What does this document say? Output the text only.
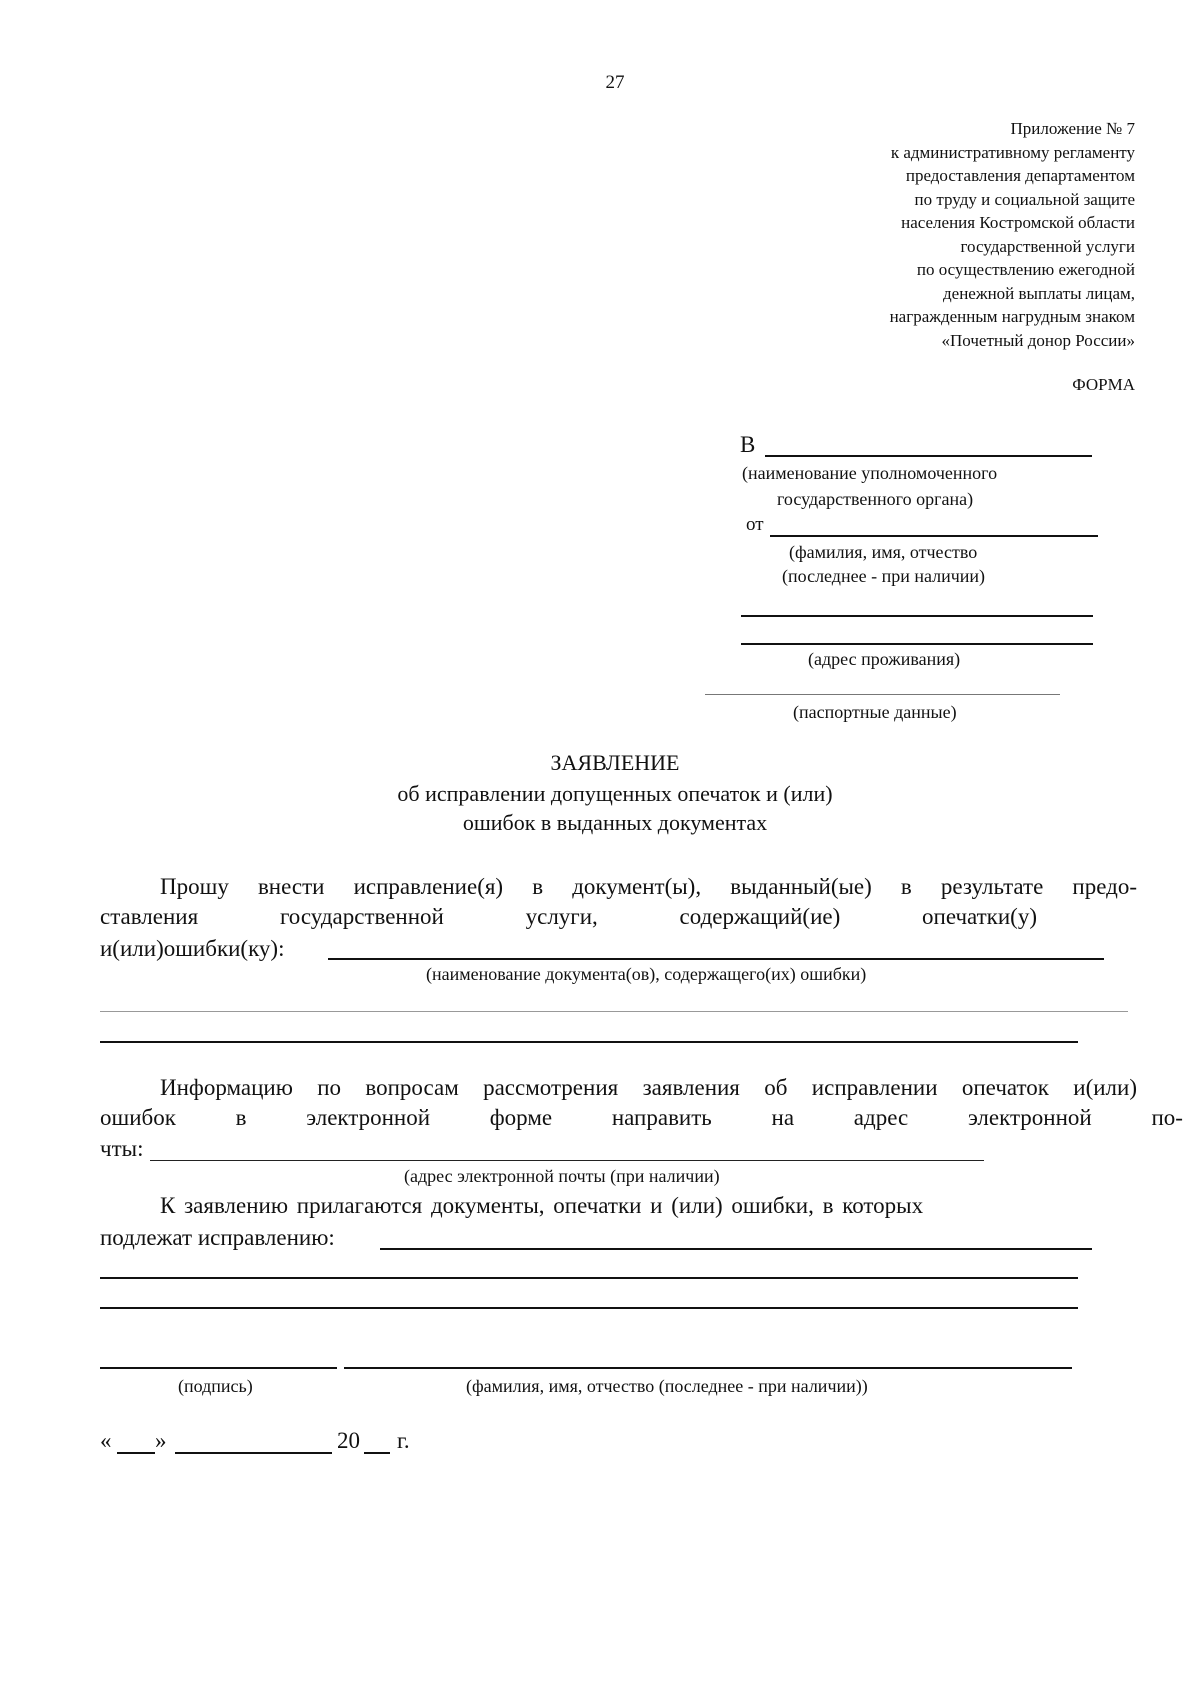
27
Приложение № 7
к административному регламенту
предоставления департаментом
по труду и социальной защите
населения Костромской области
государственной услуги
по осуществлению ежегодной
денежной выплаты лицам,
награжденным нагрудным знаком
«Почетный донор России»
ФОРМА
В
(наименование уполномоченного
государственного органа)
от
(фамилия, имя, отчество
(последнее - при наличии)
(адрес проживания)
(паспортные данные)
ЗАЯВЛЕНИЕ
об исправлении допущенных опечаток и (или)
ошибок в выданных документах
Прошу внести исправление(я) в документ(ы), выданный(ые) в результате предо-
ставления государственной услуги, содержащий(ие) опечатки(у)
и(или)ошибки(ку):
(наименование документа(ов), содержащего(их) ошибки)
Информацию по вопросам рассмотрения заявления об исправлении опечаток и(или)
ошибок в электронной форме направить на адрес электронной по-
чты:
(адрес электронной почты (при наличии)
К заявлению прилагаются документы, опечатки и (или) ошибки, в которых
подлежат исправлению:
(подпись)	(фамилия, имя, отчество (последнее - при наличии))
« »	20 г.
